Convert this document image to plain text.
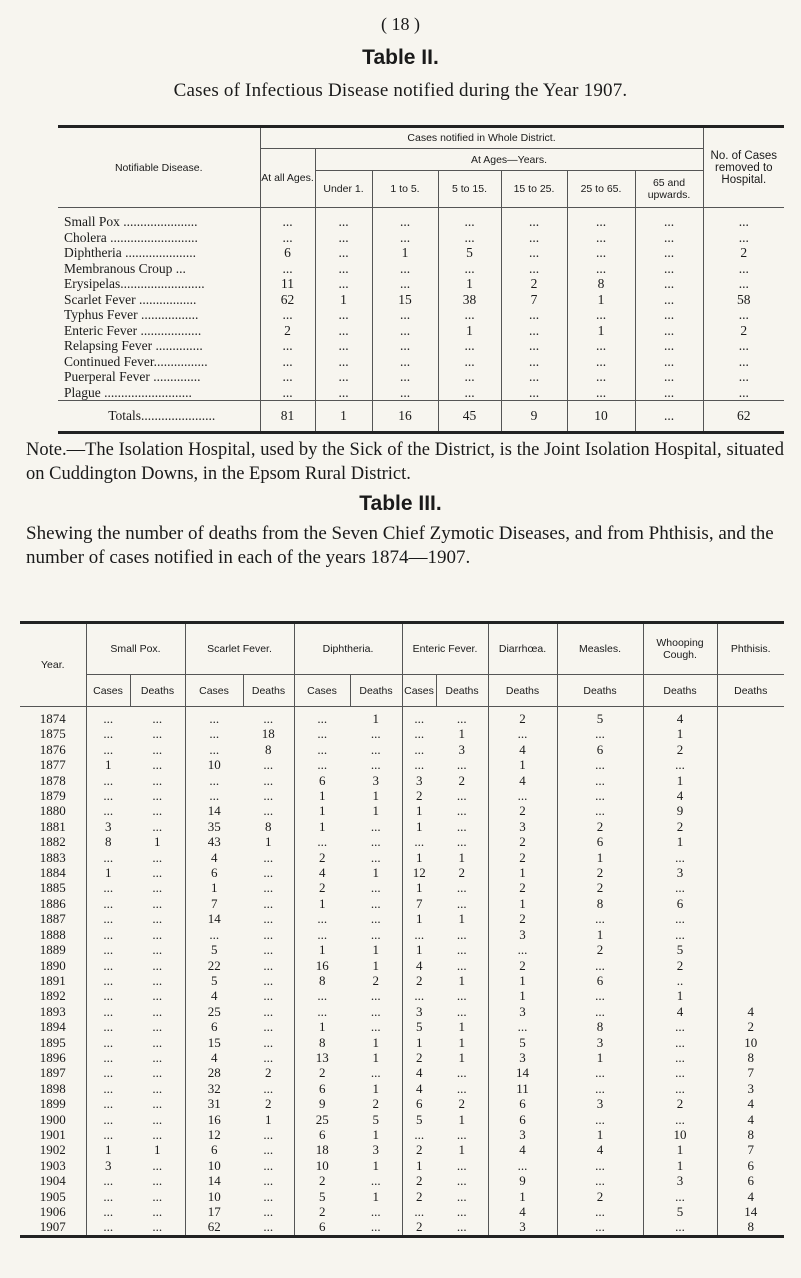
( 18 )
Table II.
Cases of Infectious Disease notified during the Year 1907.
Notifiable Disease.	Cases notified in Whole District.							No. of Cases removed to Hospital.
	At all Ages.	At Ages—Years.						
		Under 1.	1 to 5.	5 to 15.	15 to 25.	25 to 65.	65 and upwards.	
Small Pox ......................	...	...	...	...	...	...	...	...
Cholera ..........................	...	...	...	...	...	...	...	...
Diphtheria .....................	6	...	1	5	...	...	...	2
Membranous Croup ...	...	...	...	...	...	...	...	...
Erysipelas.........................	11	...	...	1	2	8	...	...
Scarlet Fever .................	62	1	15	38	7	1	...	58
Typhus Fever .................	...	...	...	...	...	...	...	...
Enteric Fever ..................	2	...	...	1	...	1	...	2
Relapsing Fever ..............	...	...	...	...	...	...	...	...
Continued Fever................	...	...	...	...	...	...	...	...
Puerperal Fever ..............	...	...	...	...	...	...	...	...
Plague ..........................	...	...	...	...	...	...	...	...
Totals......................	81	1	16	45	9	10	...	62
Note.—The Isolation Hospital, used by the Sick of the District, is the Joint Isolation Hospital, situated on Cuddington Downs, in the Epsom Rural District.
Table III.
Shewing the number of deaths from the Seven Chief Zymotic Diseases, and from Phthisis, and the number of cases notified in each of the years 1874—1907.
Year.	Small Pox.		Scarlet Fever.		Diphtheria.		Enteric Fever.		Diarrhœa.	Measles.	Whooping Cough.	Phthisis.
	Cases	Deaths	Cases	Deaths	Cases	Deaths	Cases	Deaths	Deaths	Deaths	Deaths	Deaths
1874	...	...	...	...	...	1	...	...	2	5	4	
1875	...	...	...	18	...	...	...	1	...	...	1	
1876	...	...	...	8	...	...	...	3	4	6	2	
1877	1	...	10	...	...	...	...	...	1	...	...	
1878	...	...	...	...	6	3	3	2	4	...	1	
1879	...	...	...	...	1	1	2	...	...	...	4	
1880	...	...	14	...	1	1	1	...	2	...	9	
1881	3	...	35	8	1	...	1	...	3	2	2	
1882	8	1	43	1	...	...	...	...	2	6	1	
1883	...	...	4	...	2	...	1	1	2	1	...	
1884	1	...	6	...	4	1	12	2	1	2	3	
1885	...	...	1	...	2	...	1	...	2	2	...	
1886	...	...	7	...	1	...	7	...	1	8	6	
1887	...	...	14	...	...	...	1	1	2	...	...	
1888	...	...	...	...	...	...	...	...	3	1	...	
1889	...	...	5	...	1	1	1	...	...	2	5	
1890	...	...	22	...	16	1	4	...	2	...	2	
1891	...	...	5	...	8	2	2	1	1	6	..	
1892	...	...	4	...	...	...	...	...	1	...	1	
1893	...	...	25	...	...	...	3	...	3	...	4	4
1894	...	...	6	...	1	...	5	1	...	8	...	2
1895	...	...	15	...	8	1	1	1	5	3	...	10
1896	...	...	4	...	13	1	2	1	3	1	...	8
1897	...	...	28	2	2	...	4	...	14	...	...	7
1898	...	...	32	...	6	1	4	...	11	...	...	3
1899	...	...	31	2	9	2	6	2	6	3	2	4
1900	...	...	16	1	25	5	5	1	6	...	...	4
1901	...	...	12	...	6	1	...	...	3	1	10	8
1902	1	1	6	...	18	3	2	1	4	4	1	7
1903	3	...	10	...	10	1	1	...	...	...	1	6
1904	...	...	14	...	2	...	2	...	9	...	3	6
1905	...	...	10	...	5	1	2	...	1	2	...	4
1906	...	...	17	...	2	...	...	...	4	...	5	14
1907	...	...	62	...	6	...	2	...	3	...	...	8
